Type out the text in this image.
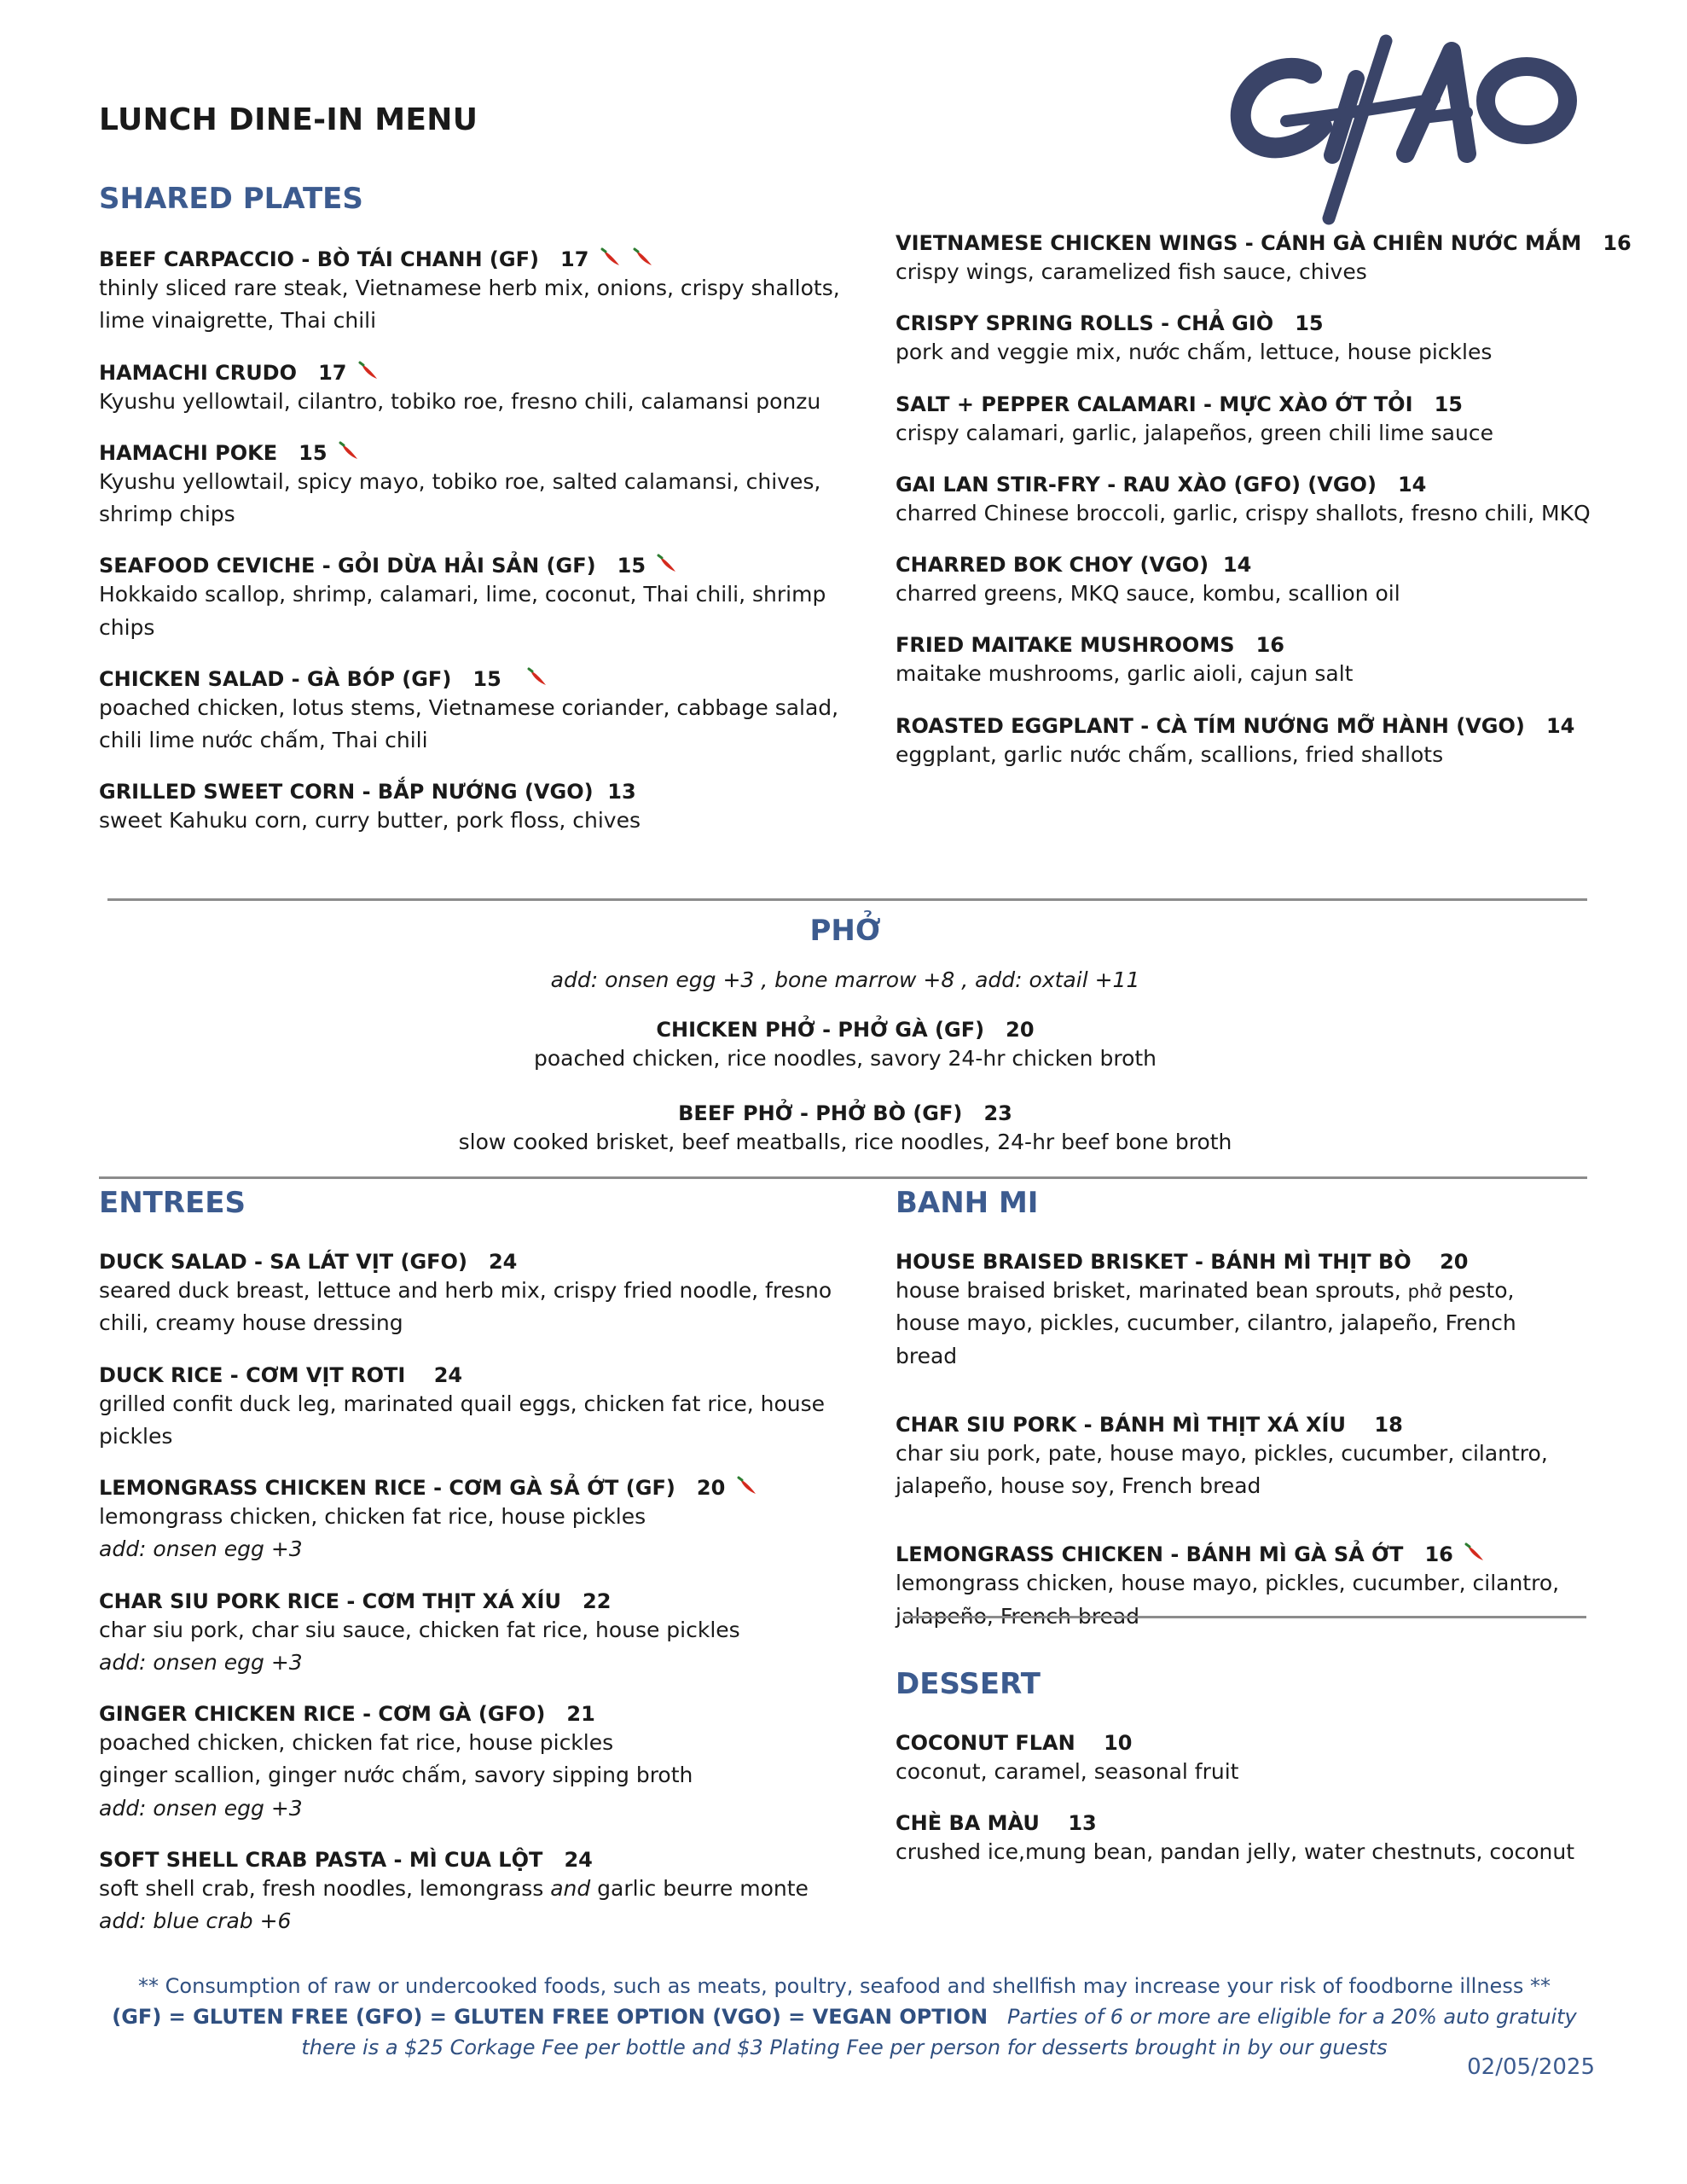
LUNCH DINE-IN MENU
SHARED PLATES
BEEF CARPACCIO - BÒ TÁI CHANH (GF) 17
thinly sliced rare steak, Vietnamese herb mix, onions, crispy shallots, lime vinaigrette, Thai chili
HAMACHI CRUDO 17
Kyushu yellowtail, cilantro, tobiko roe, fresno chili, calamansi ponzu
HAMACHI POKE 15
Kyushu yellowtail, spicy mayo, tobiko roe, salted calamansi, chives, shrimp chips
SEAFOOD CEVICHE - GỎI DỪA HẢI SẢN (GF) 15
Hokkaido scallop, shrimp, calamari, lime, coconut, Thai chili, shrimp chips
CHICKEN SALAD - GÀ BÓP (GF) 15
poached chicken, lotus stems, Vietnamese coriander, cabbage salad, chili lime nước chấm, Thai chili
GRILLED SWEET CORN - BẮP NƯỚNG (VGO) 13
sweet Kahuku corn, curry butter, pork floss, chives
VIETNAMESE CHICKEN WINGS - CÁNH GÀ CHIÊN NƯỚC MẮM 16
crispy wings, caramelized fish sauce, chives
CRISPY SPRING ROLLS - CHẢ GIÒ 15
pork and veggie mix, nước chấm, lettuce, house pickles
SALT + PEPPER CALAMARI - MỰC XÀO ỚT TỎI 15
crispy calamari, garlic, jalapeños, green chili lime sauce
GAI LAN STIR-FRY - RAU XÀO (GFO) (VGO) 14
charred Chinese broccoli, garlic, crispy shallots, fresno chili, MKQ
CHARRED BOK CHOY (VGO) 14
charred greens, MKQ sauce, kombu, scallion oil
FRIED MAITAKE MUSHROOMS 16
maitake mushrooms, garlic aioli, cajun salt
ROASTED EGGPLANT - CÀ TÍM NƯỚNG MỠ HÀNH (VGO) 14
eggplant, garlic nước chấm, scallions, fried shallots
PHỞ
add: onsen egg +3 , bone marrow +8 , add: oxtail +11
CHICKEN PHỞ - PHỞ GÀ (GF) 20
poached chicken, rice noodles, savory 24-hr chicken broth
BEEF PHỞ - PHỞ BÒ (GF) 23
slow cooked brisket, beef meatballs, rice noodles, 24-hr beef bone broth
ENTREES
DUCK SALAD - SA LÁT VỊT (GFO) 24
seared duck breast, lettuce and herb mix, crispy fried noodle, fresno chili, creamy house dressing
DUCK RICE - CƠM VỊT ROTI 24
grilled confit duck leg, marinated quail eggs, chicken fat rice, house pickles
LEMONGRASS CHICKEN RICE - CƠM GÀ SẢ ỚT (GF) 20
lemongrass chicken, chicken fat rice, house pickles
add: onsen egg +3
CHAR SIU PORK RICE - CƠM THỊT XÁ XÍU 22
char siu pork, char siu sauce, chicken fat rice, house pickles
add: onsen egg +3
GINGER CHICKEN RICE - CƠM GÀ (GFO) 21
poached chicken, chicken fat rice, house pickles
ginger scallion, ginger nước chấm, savory sipping broth
add: onsen egg +3
SOFT SHELL CRAB PASTA - MÌ CUA LỘT 24
soft shell crab, fresh noodles, lemongrass and garlic beurre monte
add: blue crab +6
BANH MI
HOUSE BRAISED BRISKET - BÁNH MÌ THỊT BÒ 20
house braised brisket, marinated bean sprouts, phở pesto, house mayo, pickles, cucumber, cilantro, jalapeño, French bread
CHAR SIU PORK - BÁNH MÌ THỊT XÁ XÍU 18
char siu pork, pate, house mayo, pickles, cucumber, cilantro, jalapeño, house soy, French bread
LEMONGRASS CHICKEN - BÁNH MÌ GÀ SẢ ỚT 16
lemongrass chicken, house mayo, pickles, cucumber, cilantro, jalapeño, French bread
DESSERT
COCONUT FLAN 10
coconut, caramel, seasonal fruit
CHÈ BA MÀU 13
crushed ice,mung bean, pandan jelly, water chestnuts, coconut
** Consumption of raw or undercooked foods, such as meats, poultry, seafood and shellfish may increase your risk of foodborne illness **
(GF) = GLUTEN FREE (GFO) = GLUTEN FREE OPTION (VGO) = VEGAN OPTION Parties of 6 or more are eligible for a 20% auto gratuity
there is a $25 Corkage Fee per bottle and $3 Plating Fee per person for desserts brought in by our guests
02/05/2025
